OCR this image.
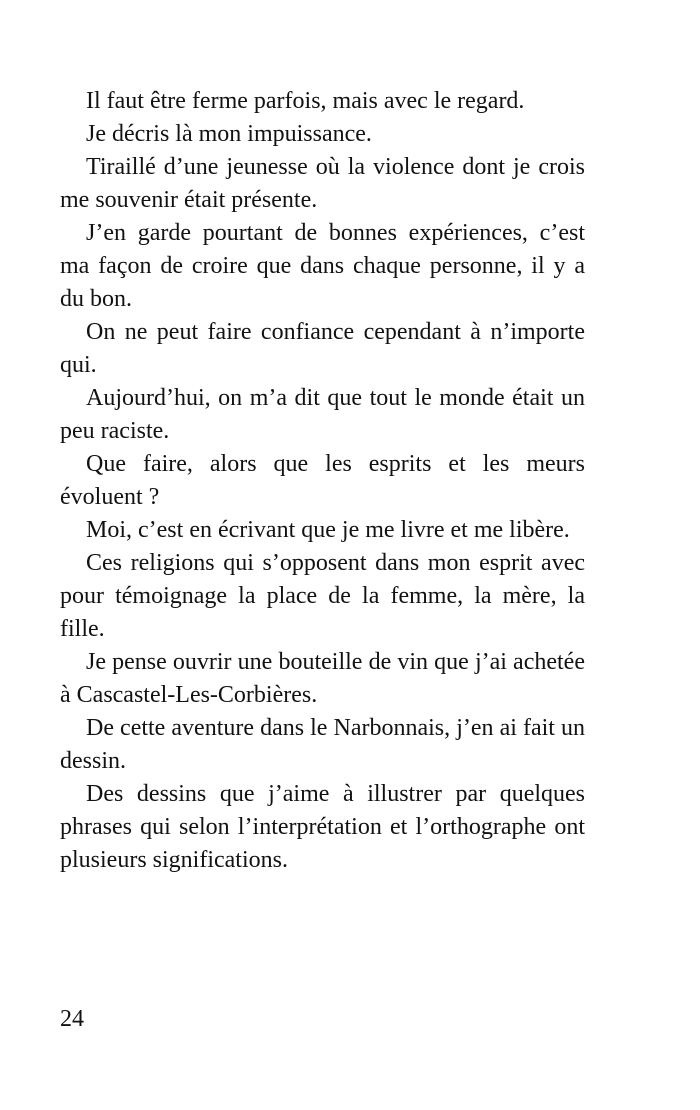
Il faut être ferme parfois, mais avec le regard.

Je décris là mon impuissance.

Tiraillé d’une jeunesse où la violence dont je crois me souvenir était présente.

J’en garde pourtant de bonnes expériences, c’est ma façon de croire que dans chaque personne, il y a du bon.

On ne peut faire confiance cependant à n’importe qui.

Aujourd’hui, on m’a dit que tout le monde était un peu raciste.

Que faire, alors que les esprits et les meurs évoluent ?

Moi, c’est en écrivant que je me livre et me libère.

Ces religions qui s’opposent dans mon esprit avec pour témoignage la place de la femme, la mère, la fille.

Je pense ouvrir une bouteille de vin que j’ai achetée à Cascastel-Les-Corbières.

De cette aventure dans le Narbonnais, j’en ai fait un dessin.

Des dessins que j’aime à illustrer par quelques phrases qui selon l’interprétation et l’orthographe ont plusieurs significations.

24
